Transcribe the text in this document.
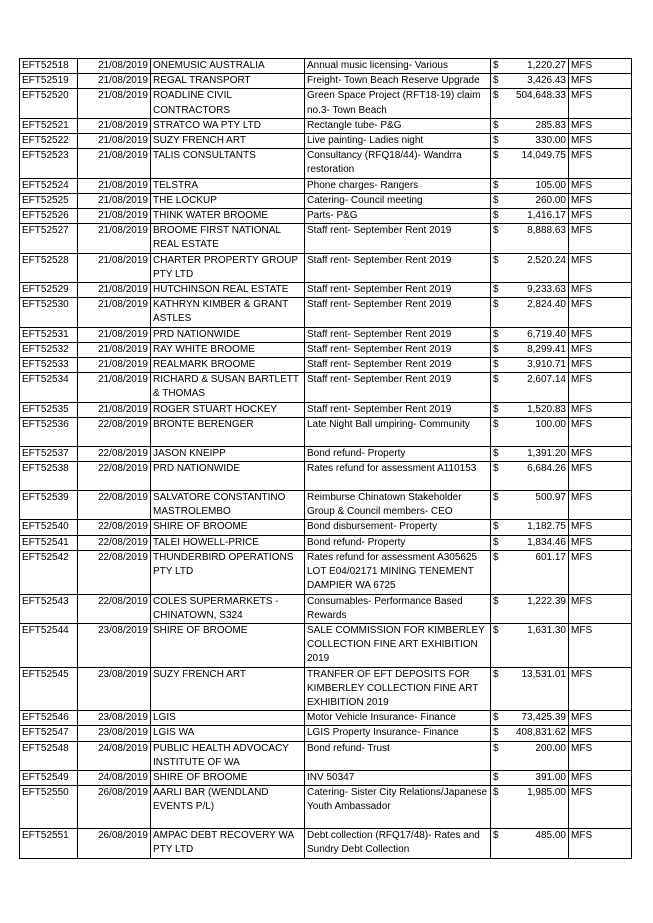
EFT52518	21/08/2019	ONEMUSIC AUSTRALIA	Annual music licensing- Various	$	1,220.27	MFS
EFT52519	21/08/2019	REGAL TRANSPORT	Freight- Town Beach Reserve Upgrade	$	3,426.43	MFS
EFT52520	21/08/2019	ROADLINE CIVIL CONTRACTORS	Green Space Project (RFT18-19) claim no.3- Town Beach	$	504,648.33	MFS
EFT52521	21/08/2019	STRATCO WA PTY LTD	Rectangle tube- P&G	$	285.83	MFS
EFT52522	21/08/2019	SUZY FRENCH ART	Live painting- Ladies night	$	330.00	MFS
EFT52523	21/08/2019	TALIS CONSULTANTS	Consultancy (RFQ18/44)- Wandrra restoration	$	14,049.75	MFS
EFT52524	21/08/2019	TELSTRA	Phone charges- Rangers	$	105.00	MFS
EFT52525	21/08/2019	THE LOCKUP	Catering- Council meeting	$	260.00	MFS
EFT52526	21/08/2019	THINK WATER BROOME	Parts- P&G	$	1,416.17	MFS
EFT52527	21/08/2019	BROOME FIRST NATIONAL REAL ESTATE	Staff rent- September Rent 2019	$	8,888.63	MFS
EFT52528	21/08/2019	CHARTER PROPERTY GROUP PTY LTD	Staff rent- September Rent 2019	$	2,520.24	MFS
EFT52529	21/08/2019	HUTCHINSON REAL ESTATE	Staff rent- September Rent 2019	$	9,233.63	MFS
EFT52530	21/08/2019	KATHRYN KIMBER & GRANT ASTLES	Staff rent- September Rent 2019	$	2,824.40	MFS
EFT52531	21/08/2019	PRD NATIONWIDE	Staff rent- September Rent 2019	$	6,719.40	MFS
EFT52532	21/08/2019	RAY WHITE BROOME	Staff rent- September Rent 2019	$	8,299.41	MFS
EFT52533	21/08/2019	REALMARK BROOME	Staff rent- September Rent 2019	$	3,910.71	MFS
EFT52534	21/08/2019	RICHARD & SUSAN BARTLETT & THOMAS	Staff rent- September Rent 2019	$	2,607.14	MFS
EFT52535	21/08/2019	ROGER STUART HOCKEY	Staff rent- September Rent 2019	$	1,520.83	MFS
EFT52536	22/08/2019	BRONTE BERENGER	Late Night Ball umpiring- Community	$	100.00	MFS
EFT52537	22/08/2019	JASON KNEIPP	Bond refund- Property	$	1,391.20	MFS
EFT52538	22/08/2019	PRD NATIONWIDE	Rates refund for assessment A110153	$	6,684.26	MFS
EFT52539	22/08/2019	SALVATORE CONSTANTINO MASTROLEMBO	Reimburse Chinatown Stakeholder Group & Council members- CEO	$	500.97	MFS
EFT52540	22/08/2019	SHIRE OF BROOME	Bond disbursement- Property	$	1,182.75	MFS
EFT52541	22/08/2019	TALEI HOWELL-PRICE	Bond refund- Property	$	1,834.46	MFS
EFT52542	22/08/2019	THUNDERBIRD OPERATIONS PTY LTD	Rates refund for assessment A305625 LOT E04/02171 MINING TENEMENT DAMPIER WA 6725	$	601.17	MFS
EFT52543	22/08/2019	COLES SUPERMARKETS - CHINATOWN, S324	Consumables- Performance Based Rewards	$	1,222.39	MFS
EFT52544	23/08/2019	SHIRE OF BROOME	SALE COMMISSION FOR KIMBERLEY COLLECTION FINE ART EXHIBITION 2019	$	1,631.30	MFS
EFT52545	23/08/2019	SUZY FRENCH ART	TRANFER OF EFT DEPOSITS FOR KIMBERLEY COLLECTION FINE ART EXHIBITION 2019	$	13,531.01	MFS
EFT52546	23/08/2019	LGIS	Motor Vehicle Insurance- Finance	$	73,425.39	MFS
EFT52547	23/08/2019	LGIS WA	LGIS Property Insurance- Finance	$	408,831.62	MFS
EFT52548	24/08/2019	PUBLIC HEALTH ADVOCACY INSTITUTE OF WA	Bond refund- Trust	$	200.00	MFS
EFT52549	24/08/2019	SHIRE OF BROOME	INV 50347	$	391.00	MFS
EFT52550	26/08/2019	AARLI BAR (WENDLAND EVENTS P/L)	Catering- Sister City Relations/Japanese Youth Ambassador	$	1,985.00	MFS
EFT52551	26/08/2019	AMPAC DEBT RECOVERY WA PTY LTD	Debt collection (RFQ17/48)- Rates and Sundry Debt Collection	$	485.00	MFS
